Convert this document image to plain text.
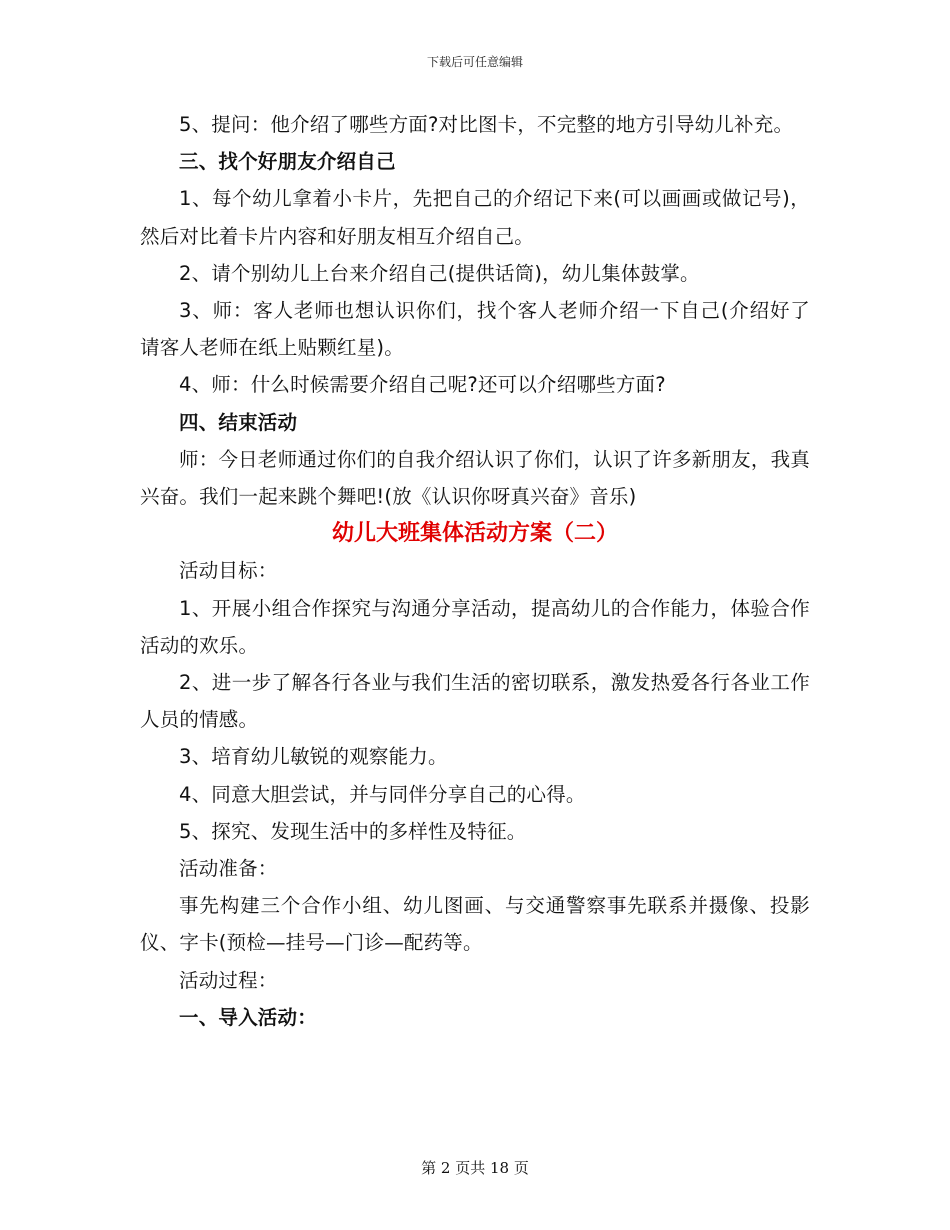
下载后可任意编辑

5、提问：他介绍了哪些方面?对比图卡，不完整的地方引导幼儿补充。

三、找个好朋友介绍自己

1、每个幼儿拿着小卡片，先把自己的介绍记下来(可以画画或做记号)，然后对比着卡片内容和好朋友相互介绍自己。

2、请个别幼儿上台来介绍自己(提供话筒)，幼儿集体鼓掌。

3、师：客人老师也想认识你们，找个客人老师介绍一下自己(介绍好了请客人老师在纸上贴颗红星)。

4、师：什么时候需要介绍自己呢?还可以介绍哪些方面?

四、结束活动

师：今日老师通过你们的自我介绍认识了你们，认识了许多新朋友，我真兴奋。我们一起来跳个舞吧!(放《认识你呀真兴奋》音乐)

幼儿大班集体活动方案（二）

活动目标：

1、开展小组合作探究与沟通分享活动，提高幼儿的合作能力，体验合作活动的欢乐。

2、进一步了解各行各业与我们生活的密切联系，激发热爱各行各业工作人员的情感。

3、培育幼儿敏锐的观察能力。

4、同意大胆尝试，并与同伴分享自己的心得。

5、探究、发现生活中的多样性及特征。

活动准备：

事先构建三个合作小组、幼儿图画、与交通警察事先联系并摄像、投影仪、字卡(预检—挂号—门诊—配药等。

活动过程：

一、导入活动：

第 2 页共 18 页
